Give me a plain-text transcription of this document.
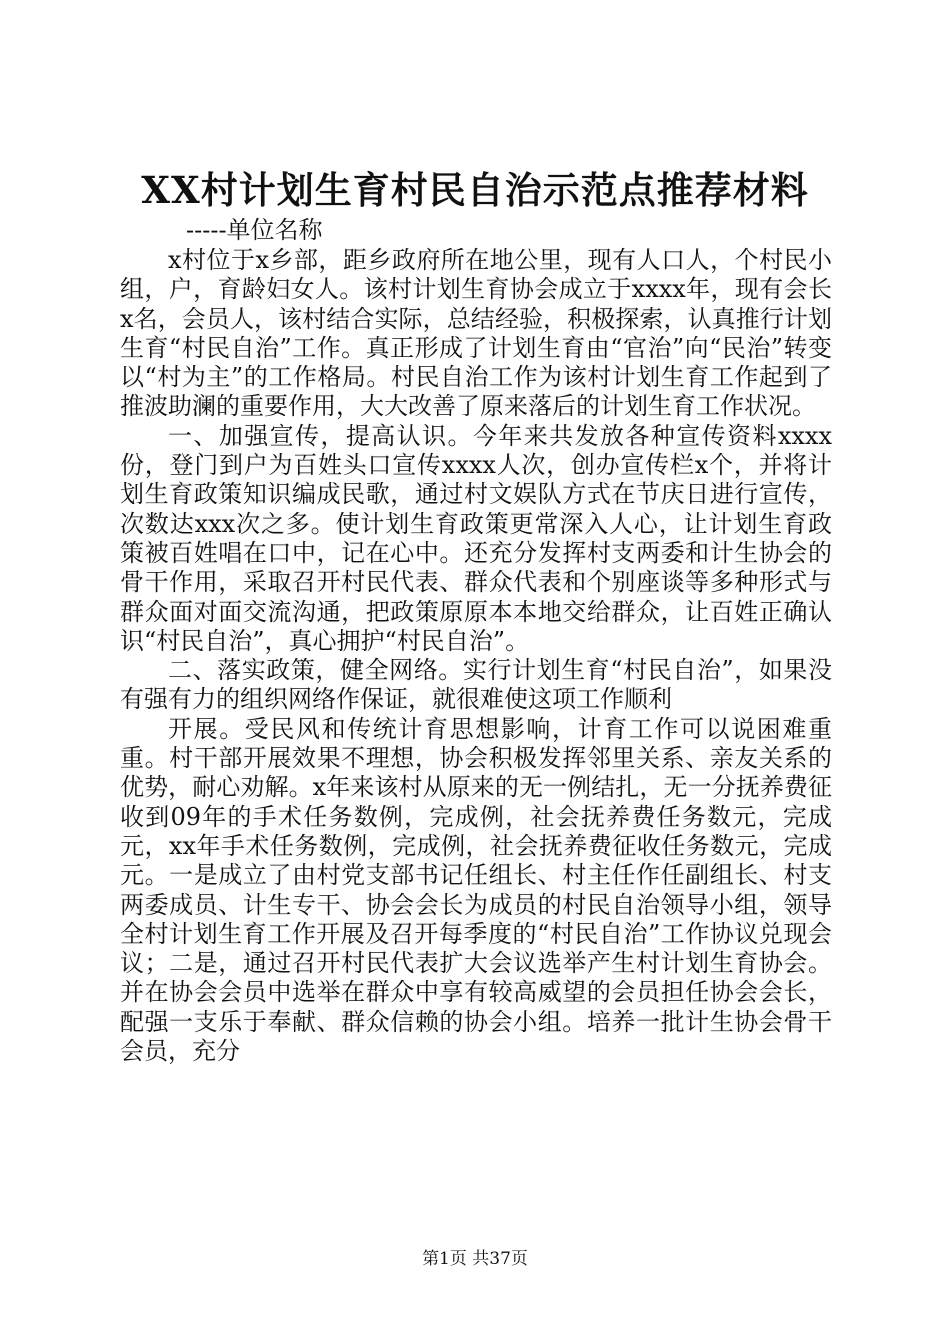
XX村计划生育村民自治示范点推荐材料
-----单位名称

x村位于x乡部，距乡政府所在地公里，现有人口人，个村民小组，户，育龄妇女人。该村计划生育协会成立于xxxx年，现有会长x名，会员人，该村结合实际，总结经验，积极探索，认真推行计划生育“村民自治”工作。真正形成了计划生育由“官治”向“民治”转变以“村为主”的工作格局。村民自治工作为该村计划生育工作起到了推波助澜的重要作用，大大改善了原来落后的计划生育工作状况。

一、加强宣传，提高认识。今年来共发放各种宣传资料xxxx份，登门到户为百姓头口宣传xxxx人次，创办宣传栏x个，并将计划生育政策知识编成民歌，通过村文娱队方式在节庆日进行宣传，次数达xxx次之多。使计划生育政策更常深入人心，让计划生育政策被百姓唱在口中，记在心中。还充分发挥村支两委和计生协会的骨干作用，采取召开村民代表、群众代表和个别座谈等多种形式与群众面对面交流沟通，把政策原原本本地交给群众，让百姓正确认识“村民自治”，真心拥护“村民自治”。

二、落实政策，健全网络。实行计划生育“村民自治”，如果没有强有力的组织网络作保证，就很难使这项工作顺利

开展。受民风和传统计育思想影响，计育工作可以说困难重重。村干部开展效果不理想，协会积极发挥邻里关系、亲友关系的优势，耐心劝解。x年来该村从原来的无一例结扎，无一分抚养费征收到09年的手术任务数例，完成例，社会抚养费任务数元，完成元，xx年手术任务数例，完成例，社会抚养费征收任务数元，完成元。一是成立了由村党支部书记任组长、村主任作任副组长、村支两委成员、计生专干、协会会长为成员的村民自治领导小组，领导全村计划生育工作开展及召开每季度的“村民自治”工作协议兑现会议；二是，通过召开村民代表扩大会议选举产生村计划生育协会。并在协会会员中选举在群众中享有较高威望的会员担任协会会长，配强一支乐于奉献、群众信赖的协会小组。培养一批计生协会骨干会员，充分

第1页 共37页
